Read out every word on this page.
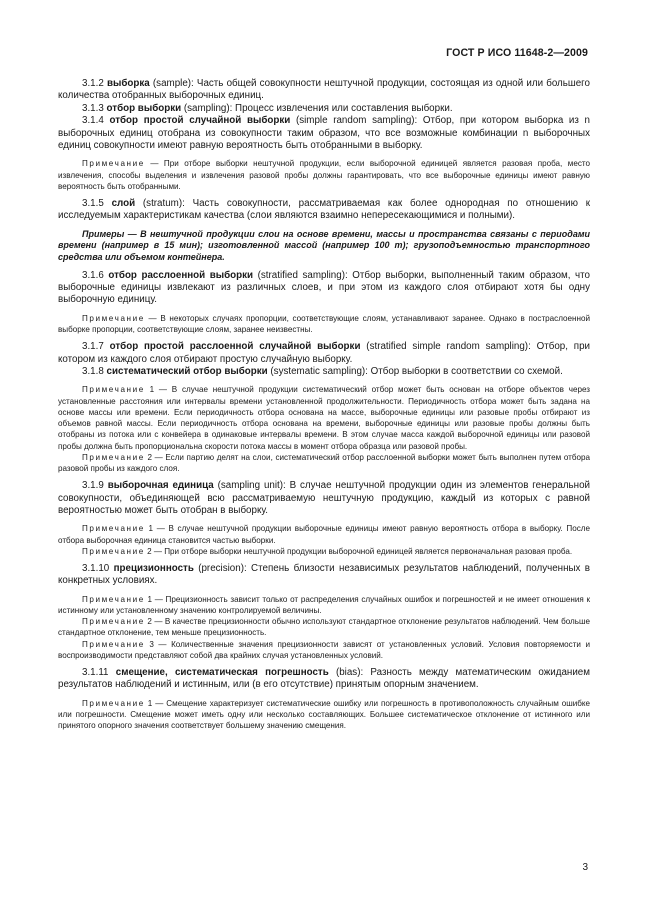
ГОСТ Р ИСО 11648-2—2009

3.1.2 выборка (sample): Часть общей совокупности нештучной продукции, состоящая из одной или большего количества отобранных выборочных единиц.

3.1.3 отбор выборки (sampling): Процесс извлечения или составления выборки.

3.1.4 отбор простой случайной выборки (simple random sampling): Отбор, при котором выборка из n выборочных единиц отобрана из совокупности таким образом, что все возможные комбинации n выборочных единиц совокупности имеют равную вероятность быть отобранными в выборку.

Примечание — При отборе выборки нештучной продукции, если выборочной единицей является разовая проба, место извлечения, способы выделения и извлечения разовой пробы должны гарантировать, что все выборочные единицы имеют равную вероятность быть отобранными.

3.1.5 слой (stratum): Часть совокупности, рассматриваемая как более однородная по отношению к исследуемым характеристикам качества (слои являются взаимно непересекающимися и полными).

Примеры — В нештучной продукции слои на основе времени, массы и пространства связаны с периодами времени (например в 15 мин); изготовленной массой (например 100 т); грузоподъемностью транспортного средства или объемом контейнера.

3.1.6 отбор расслоенной выборки (stratified sampling): Отбор выборки, выполненный таким образом, что выборочные единицы извлекают из различных слоев, и при этом из каждого слоя отбирают хотя бы одну выборочную единицу.

Примечание — В некоторых случаях пропорции, соответствующие слоям, устанавливают заранее. Однако в постраслоенной выборке пропорции, соответствующие слоям, заранее неизвестны.

3.1.7 отбор простой расслоенной случайной выборки (stratified simple random sampling): Отбор, при котором из каждого слоя отбирают простую случайную выборку.

3.1.8 систематический отбор выборки (systematic sampling): Отбор выборки в соответствии со схемой.

Примечание 1 — В случае нештучной продукции систематический отбор может быть основан на отборе объектов через установленные расстояния или интервалы времени установленной продолжительности. Периодичность отбора может быть задана на основе массы или времени. Если периодичность отбора основана на массе, выборочные единицы или разовые пробы отбирают из объемов равной массы. Если периодичность отбора основана на времени, выборочные единицы или разовые пробы должны быть отобраны из потока или с конвейера в одинаковые интервалы времени. В этом случае масса каждой выборочной единицы или разовой пробы должна быть пропорциональна скорости потока массы в момент отбора образца или разовой пробы.

Примечание 2 — Если партию делят на слои, систематический отбор расслоенной выборки может быть выполнен путем отбора разовой пробы из каждого слоя.

3.1.9 выборочная единица (sampling unit): В случае нештучной продукции один из элементов генеральной совокупности, объединяющей всю рассматриваемую нештучную продукцию, каждый из которых с равной вероятностью может быть отобран в выборку.

Примечание 1 — В случае нештучной продукции выборочные единицы имеют равную вероятность отбора в выборку. После отбора выборочная единица становится частью выборки.

Примечание 2 — При отборе выборки нештучной продукции выборочной единицей является первоначальная разовая проба.

3.1.10 прецизионность (precision): Степень близости независимых результатов наблюдений, полученных в конкретных условиях.

Примечание 1 — Прецизионность зависит только от распределения случайных ошибок и погрешностей и не имеет отношения к истинному или установленному значению контролируемой величины.

Примечание 2 — В качестве прецизионности обычно используют стандартное отклонение результатов наблюдений. Чем больше стандартное отклонение, тем меньше прецизионность.

Примечание 3 — Количественные значения прецизионности зависят от установленных условий. Условия повторяемости и воспроизводимости представляют собой два крайних случая установленных условий.

3.1.11 смещение, систематическая погрешность (bias): Разность между математическим ожиданием результатов наблюдений и истинным, или (в его отсутствие) принятым опорным значением.

Примечание 1 — Смещение характеризует систематические ошибку или погрешность в противоположность случайным ошибке или погрешности. Смещение может иметь одну или несколько составляющих. Большее систематическое отклонение от истинного или принятого опорного значения соответствует большему значению смещения.

3
